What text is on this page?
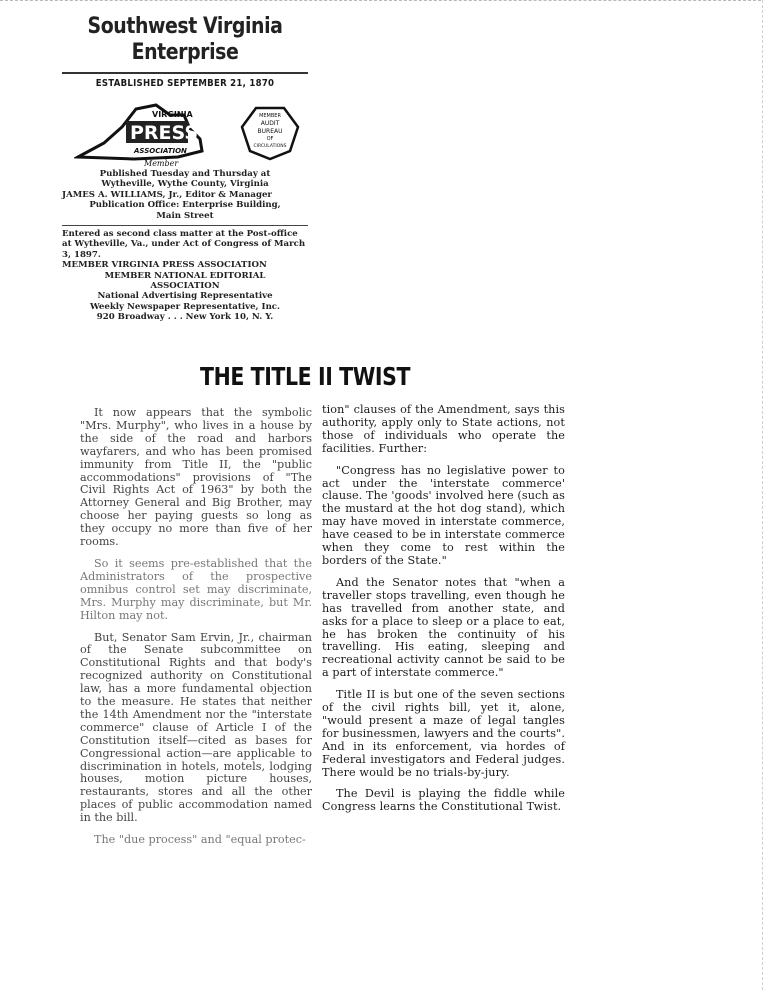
Southwest Virginia
Enterprise
ESTABLISHED SEPTEMBER 21, 1870
VIRGINIA
PRESS
ASSOCIATION
Member
MEMBER
AUDIT
BUREAU
OF
CIRCULATIONS
Published Tuesday and Thursday at
Wytheville, Wythe County, Virginia
JAMES A. WILLIAMS, Jr., Editor & Manager
Publication Office: Enterprise Building,
Main Street
Entered as second class matter at the Post-office at Wytheville, Va., under Act of Congress of March 3, 1897.
MEMBER VIRGINIA PRESS ASSOCIATION
MEMBER NATIONAL EDITORIAL
ASSOCIATION
National Advertising Representative
Weekly Newspaper Representative, Inc.
920 Broadway . . . New York 10, N. Y.
THE TITLE II TWIST

It now appears that the symbolic "Mrs. Murphy", who lives in a house by the side of the road and harbors wayfarers, and who has been promised immunity from Title II, the "public accommodations" provisions of "The Civil Rights Act of 1963" by both the Attorney General and Big Brother, may choose her paying guests so long as they occupy no more than five of her rooms.

So it seems pre-established that the Administrators of the prospective omnibus control set may discriminate, Mrs. Murphy may discriminate, but Mr. Hilton may not.

But, Senator Sam Ervin, Jr., chairman of the Senate subcommittee on Constitutional Rights and that body's recognized authority on Constitutional law, has a more fundamental objection to the measure. He states that neither the 14th Amendment nor the "interstate commerce" clause of Article I of the Constitution itself—cited as bases for Congressional action—are applicable to discrimination in hotels, motels, lodging houses, motion picture houses, restaurants, stores and all the other places of public accommodation named in the bill.

The "due process" and "equal protec-

tion" clauses of the Amendment, says this authority, apply only to State actions, not those of individuals who operate the facilities. Further:

"Congress has no legislative power to act under the 'interstate commerce' clause. The 'goods' involved here (such as the mustard at the hot dog stand), which may have moved in interstate commerce, have ceased to be in interstate commerce when they come to rest within the borders of the State."

And the Senator notes that "when a traveller stops travelling, even though he has travelled from another state, and asks for a place to sleep or a place to eat, he has broken the continuity of his travelling. His eating, sleeping and recreational activity cannot be said to be a part of interstate commerce."

Title II is but one of the seven sections of the civil rights bill, yet it, alone, "would present a maze of legal tangles for businessmen, lawyers and the courts". And in its enforcement, via hordes of Federal investigators and Federal judges. There would be no trials-by-jury.

The Devil is playing the fiddle while Congress learns the Constitutional Twist.
